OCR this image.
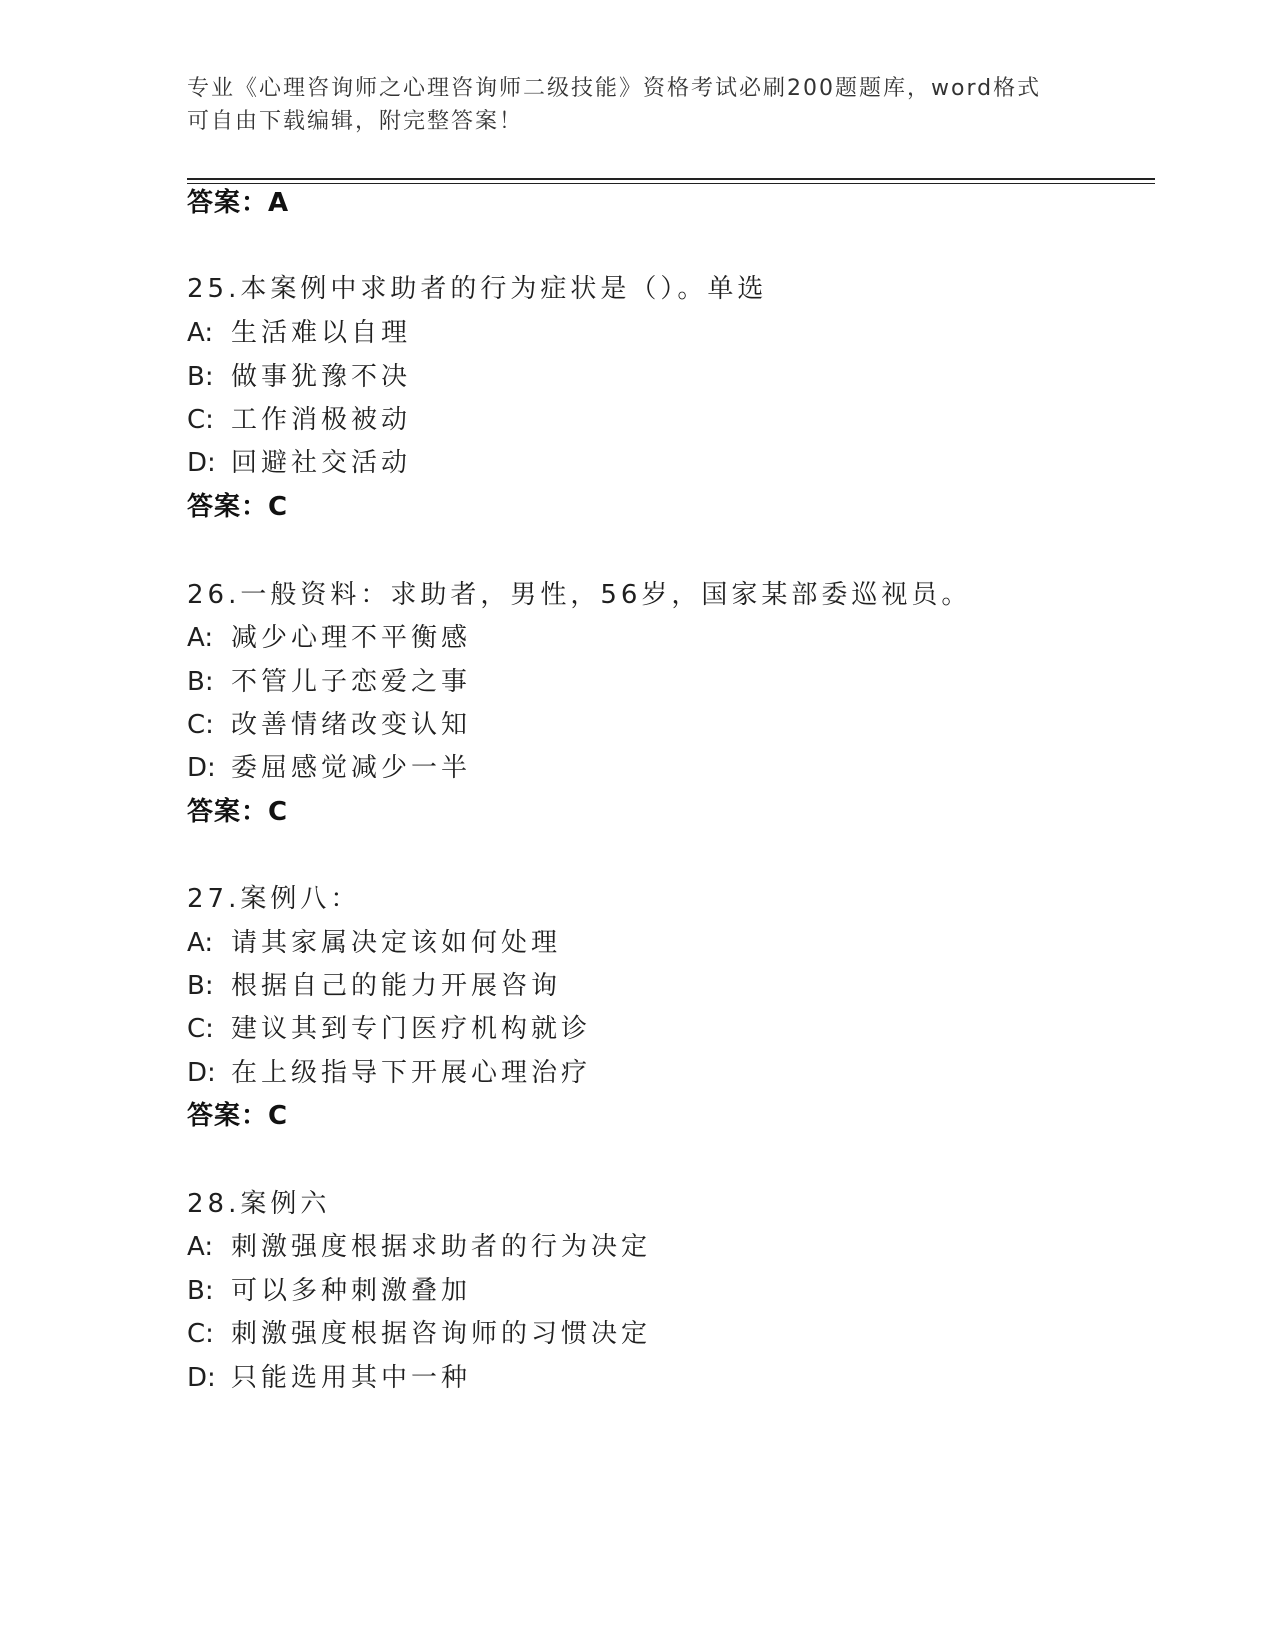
专业《心理咨询师之心理咨询师二级技能》资格考试必刷200题题库，word格式
可自由下载编辑，附完整答案！
答案：A
25.本案例中求助者的行为症状是（）。单选
A: 生活难以自理
B: 做事犹豫不决
C: 工作消极被动
D: 回避社交活动
答案：C
26.一般资料：求助者，男性，56岁，国家某部委巡视员。
A: 减少心理不平衡感
B: 不管儿子恋爱之事
C: 改善情绪改变认知
D: 委屈感觉减少一半
答案：C
27.案例八：
A: 请其家属决定该如何处理
B: 根据自己的能力开展咨询
C: 建议其到专门医疗机构就诊
D: 在上级指导下开展心理治疗
答案：C
28.案例六
A: 刺激强度根据求助者的行为决定
B: 可以多种刺激叠加
C: 刺激强度根据咨询师的习惯决定
D: 只能选用其中一种
